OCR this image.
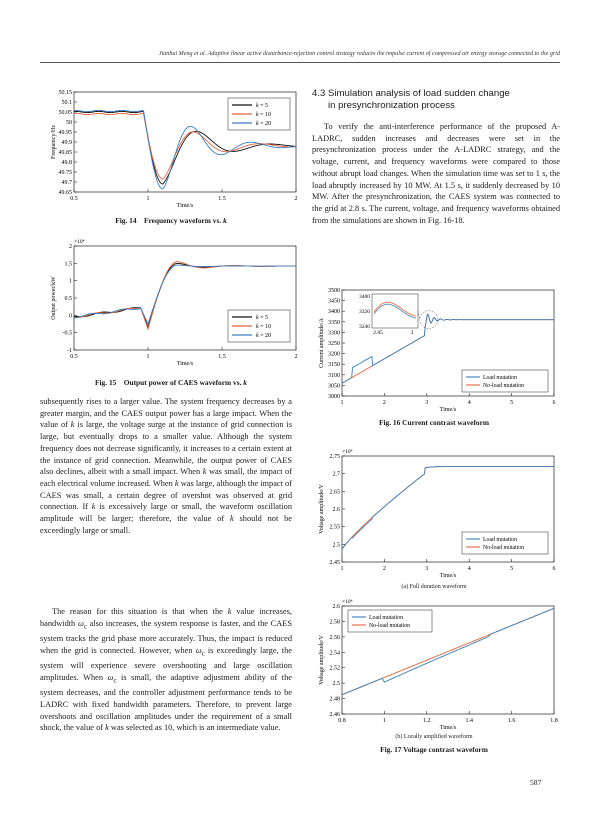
Jianhui Meng et al. Adaptive linear active disturbance-rejection control strategy reduces the impulse current of compressed air energy storage connected to the grid
50.15
50.1
50.05
50
49.95
49.9
49.85
49.8
49.75
49.7
49.65
0.5	1	1.5	2
Time/s
Frequency/Hz
k = 5
k = 10
k = 20
Fig. 14 Frequency waveform vs. k
2
1.5
1
0.5
0
-0.5
-1
0.5	1	1.5	2
Time/s
Output power/kW
×10⁴
k = 5
k = 10
k = 20
Fig. 15 Output power of CAES waveform vs. k

subsequently rises to a larger value. The system frequency decreases by a greater margin, and the CAES output power has a large impact. When the value of k is large, the voltage surge at the instance of grid connection is large, but eventually drops to a smaller value. Although the system frequency does not decrease significantly, it increases to a certain extent at the instance of grid connection. Meanwhile, the output power of CAES also declines, albeit with a small impact. When k was small, the impact of each electrical volume increased. When k was large, although the impact of CAES was small, a certain degree of overshot was observed at grid connection. If k is excessively large or small, the waveform oscillation amplitude will be larger; therefore, the value of k should not be exceedingly large or small.

The reason for this situation is that when the k value increases, bandwidth $\omega_c$ also increases, the system response is faster, and the CAES system tracks the grid phase more accurately. Thus, the impact is reduced when the grid is connected. However, when $\omega_c$ is exceedingly large, the system will experience severe overshooting and large oscillation amplitudes. When $\omega_c$ is small, the adaptive adjustment ability of the system decreases, and the controller adjustment performance tends to be LADRC with fixed bandwidth parameters. Therefore, to prevent large overshoots and oscillation amplitudes under the requirement of a small shock, the value of k was selected as 10, which is an intermediate value.

4.3 Simulation analysis of load sudden change
in presynchronization process

To verify the anti-interference performance of the proposed A-LADRC, sudden increases and decreases were set in the presynchronization process under the A-LADRC strategy, and the voltage, current, and frequency waveforms were compared to those without abrupt load changes. When the simulation time was set to 1 s, the load abruptly increased by 10 MW. At 1.5 s, it suddenly decreased by 10 MW. After the presynchronization, the CAES system was connected to the grid at 2.8 s. The current, voltage, and frequency waveforms obtained from the simulations are shown in Fig. 16-18.

3500
3450
3400
3350
3300
3250
3200
3150
3100
3050
3000
1	2	3	4	5	6
Time/s
Current amplitude/A
3400
3320
3240
2.85	3
Load mutation
No-load mutation
Fig. 16 Current contrast waveform
2.75
2.7
2.65
2.6
2.55
2.5
2.45
1	2	3	4	5	6
Time/s
Voltage amplitude/V
×10⁴
Load mutation
No-load mutation
(a) Full duration waveform
2.6
2.58
2.56
2.54
2.52
2.5
2.48
2.46
0.8	1	1.2	1.4	1.6	1.8
Time/s
Voltage amplitude/V
×10⁴
Load mutation
No-load mutation
(b) Locally amplified waveform
Fig. 17 Voltage contrast waveform
587
